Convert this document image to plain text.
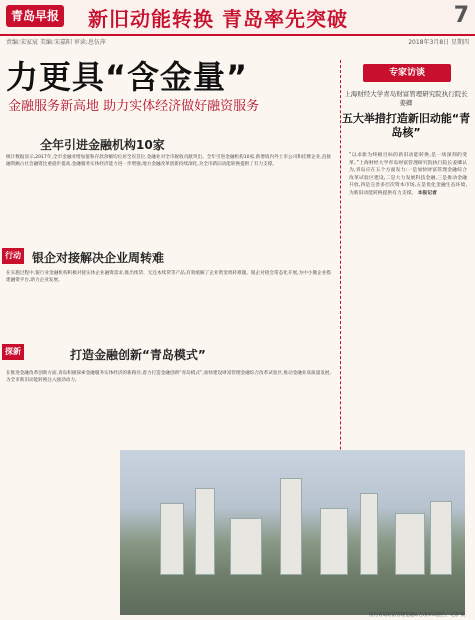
青岛早报 新旧动能转换 青岛率先突破	7
责编:宋家宸 美编:宋嘉阳 审读:息伍萍	2018年3月8日 星期四
力更具“含金量”
金融服务新高地 助力实体经济做好融资服务
全年引进金融机构10家
统计数据显示,2017年,全市金融业增加值和存款余额均位居全省首位,金融业对全市税收贡献突出。全年引进金融机构10家,新增境内外上市公司和挂牌企业,直接融资额占社会融资比重稳步提高,金融服务实体经济能力进一步增强,地方金融改革创新持续深化,为全市新旧动能转换提供了有力支撑。
行动 银企对接解决企业周转难
在实施过程中,银行业金融机构积极对接实体企业融资需求,推出续贷、无还本续贷等产品,有效缓解了企业资金周转难题。银企对接会常态化开展,为中小微企业搭建融资平台,助力企业发展。
探新	打造金融创新“青岛模式”
在推进金融改革创新方面,青岛积极探索金融服务实体经济的新路径,着力打造金融创新“青岛模式”,加快建设财富管理金融综合改革试验区,推动金融业高质量发展,为全市新旧动能转换注入强劲动力。
专家访谈
上海财经大学青岛财富管理研究院执行院长 姜卿
五大举措打造新旧动能“青岛核”
“以求新为终极目标的新旧动能转换,是一场深刻的变革。”上海财经大学青岛财富管理研究院执行院长姜卿认为,青岛应在五个方面发力:一是加快财富管理金融综合改革试验区建设,二是大力发展科技金融,三是推动金融开放,四是完善多层次资本市场,五是优化金融生态环境,为新旧动能转换提供有力支撑。 本报记者
图为青岛财富管理金融综合改革试验区。记者 摄
